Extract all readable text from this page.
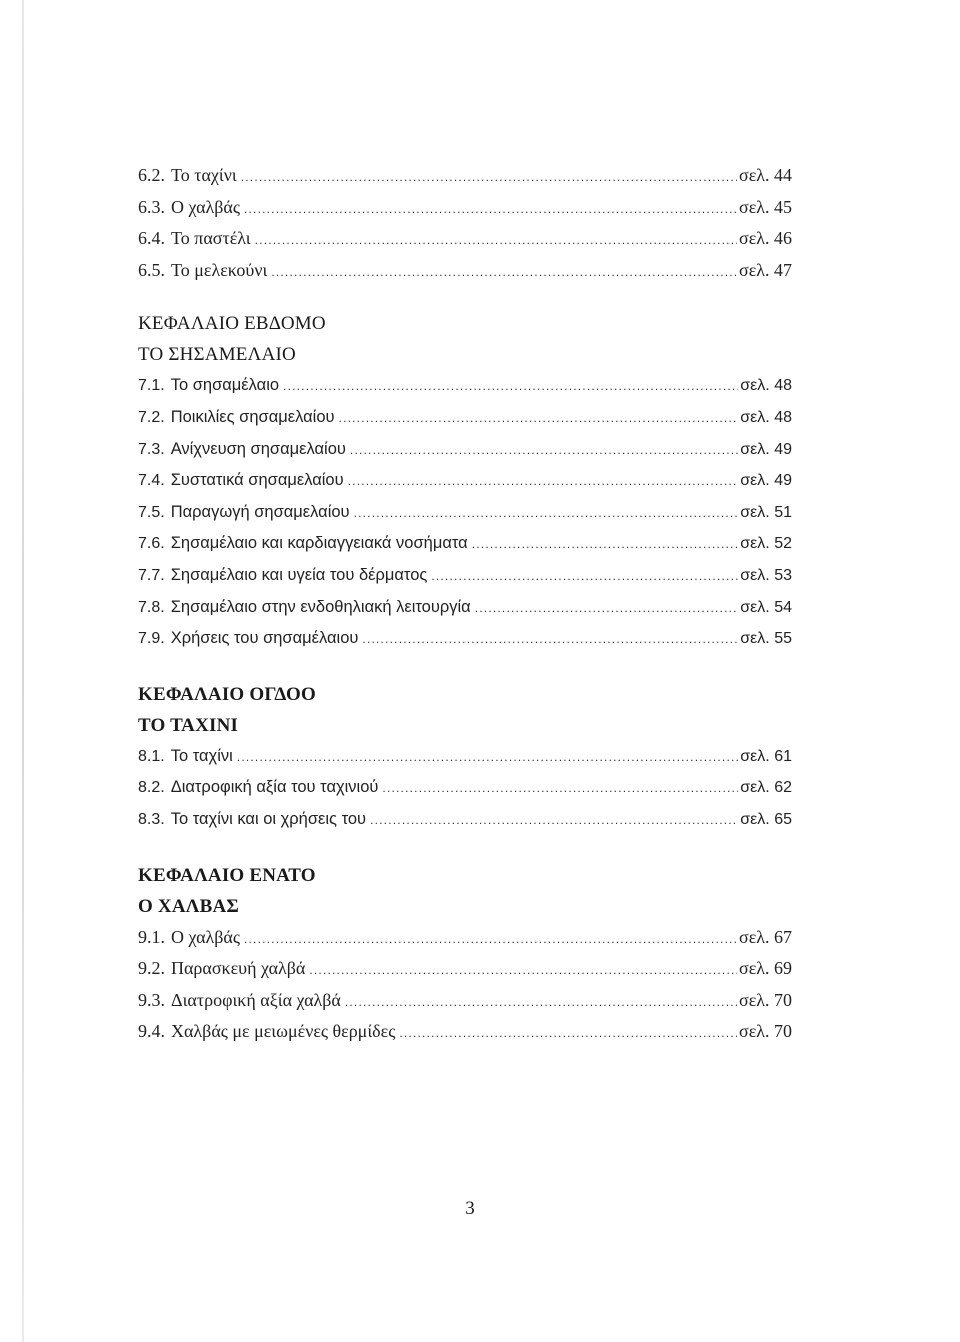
6.2. Το ταχίνι .....	σελ. 44
6.3. Ο χαλβάς .....	σελ. 45
6.4. Το παστέλι .....	σελ. 46
6.5. Το μελεκούνι .....	σελ. 47
ΚΕΦΑΛΑΙΟ ΕΒΔΟΜΟ
ΤΟ ΣΗΣΑΜΕΛΑΙΟ
7.1. Το σησαμέλαιο .....	σελ. 48
7.2. Ποικιλίες σησαμελαίου .....	σελ. 48
7.3. Ανίχνευση σησαμελαίου .....	σελ. 49
7.4. Συστατικά σησαμελαίου .....	σελ. 49
7.5. Παραγωγή σησαμελαίου .....	σελ. 51
7.6. Σησαμέλαιο και καρδιαγγειακά νοσήματα .....	σελ. 52
7.7. Σησαμέλαιο και υγεία του δέρματος .....	σελ. 53
7.8. Σησαμέλαιο στην ενδοθηλιακή λειτουργία .....	σελ. 54
7.9. Χρήσεις του σησαμέλαιου .....	σελ. 55
ΚΕΦΑΛΑΙΟ ΟΓΔΟΟ
ΤΟ ΤΑΧΙΝΙ
8.1. Το ταχίνι .....	σελ. 61
8.2. Διατροφική αξία του ταχινιού .....	σελ. 62
8.3. Το ταχίνι και οι χρήσεις του .....	σελ. 65
ΚΕΦΑΛΑΙΟ ΕΝΑΤΟ
Ο ΧΑΛΒΑΣ
9.1. Ο χαλβάς .....	σελ. 67
9.2. Παρασκευή χαλβά .....	σελ. 69
9.3. Διατροφική αξία χαλβά .....	σελ. 70
9.4. Χαλβάς με μειωμένες θερμίδες .....	σελ. 70
3
